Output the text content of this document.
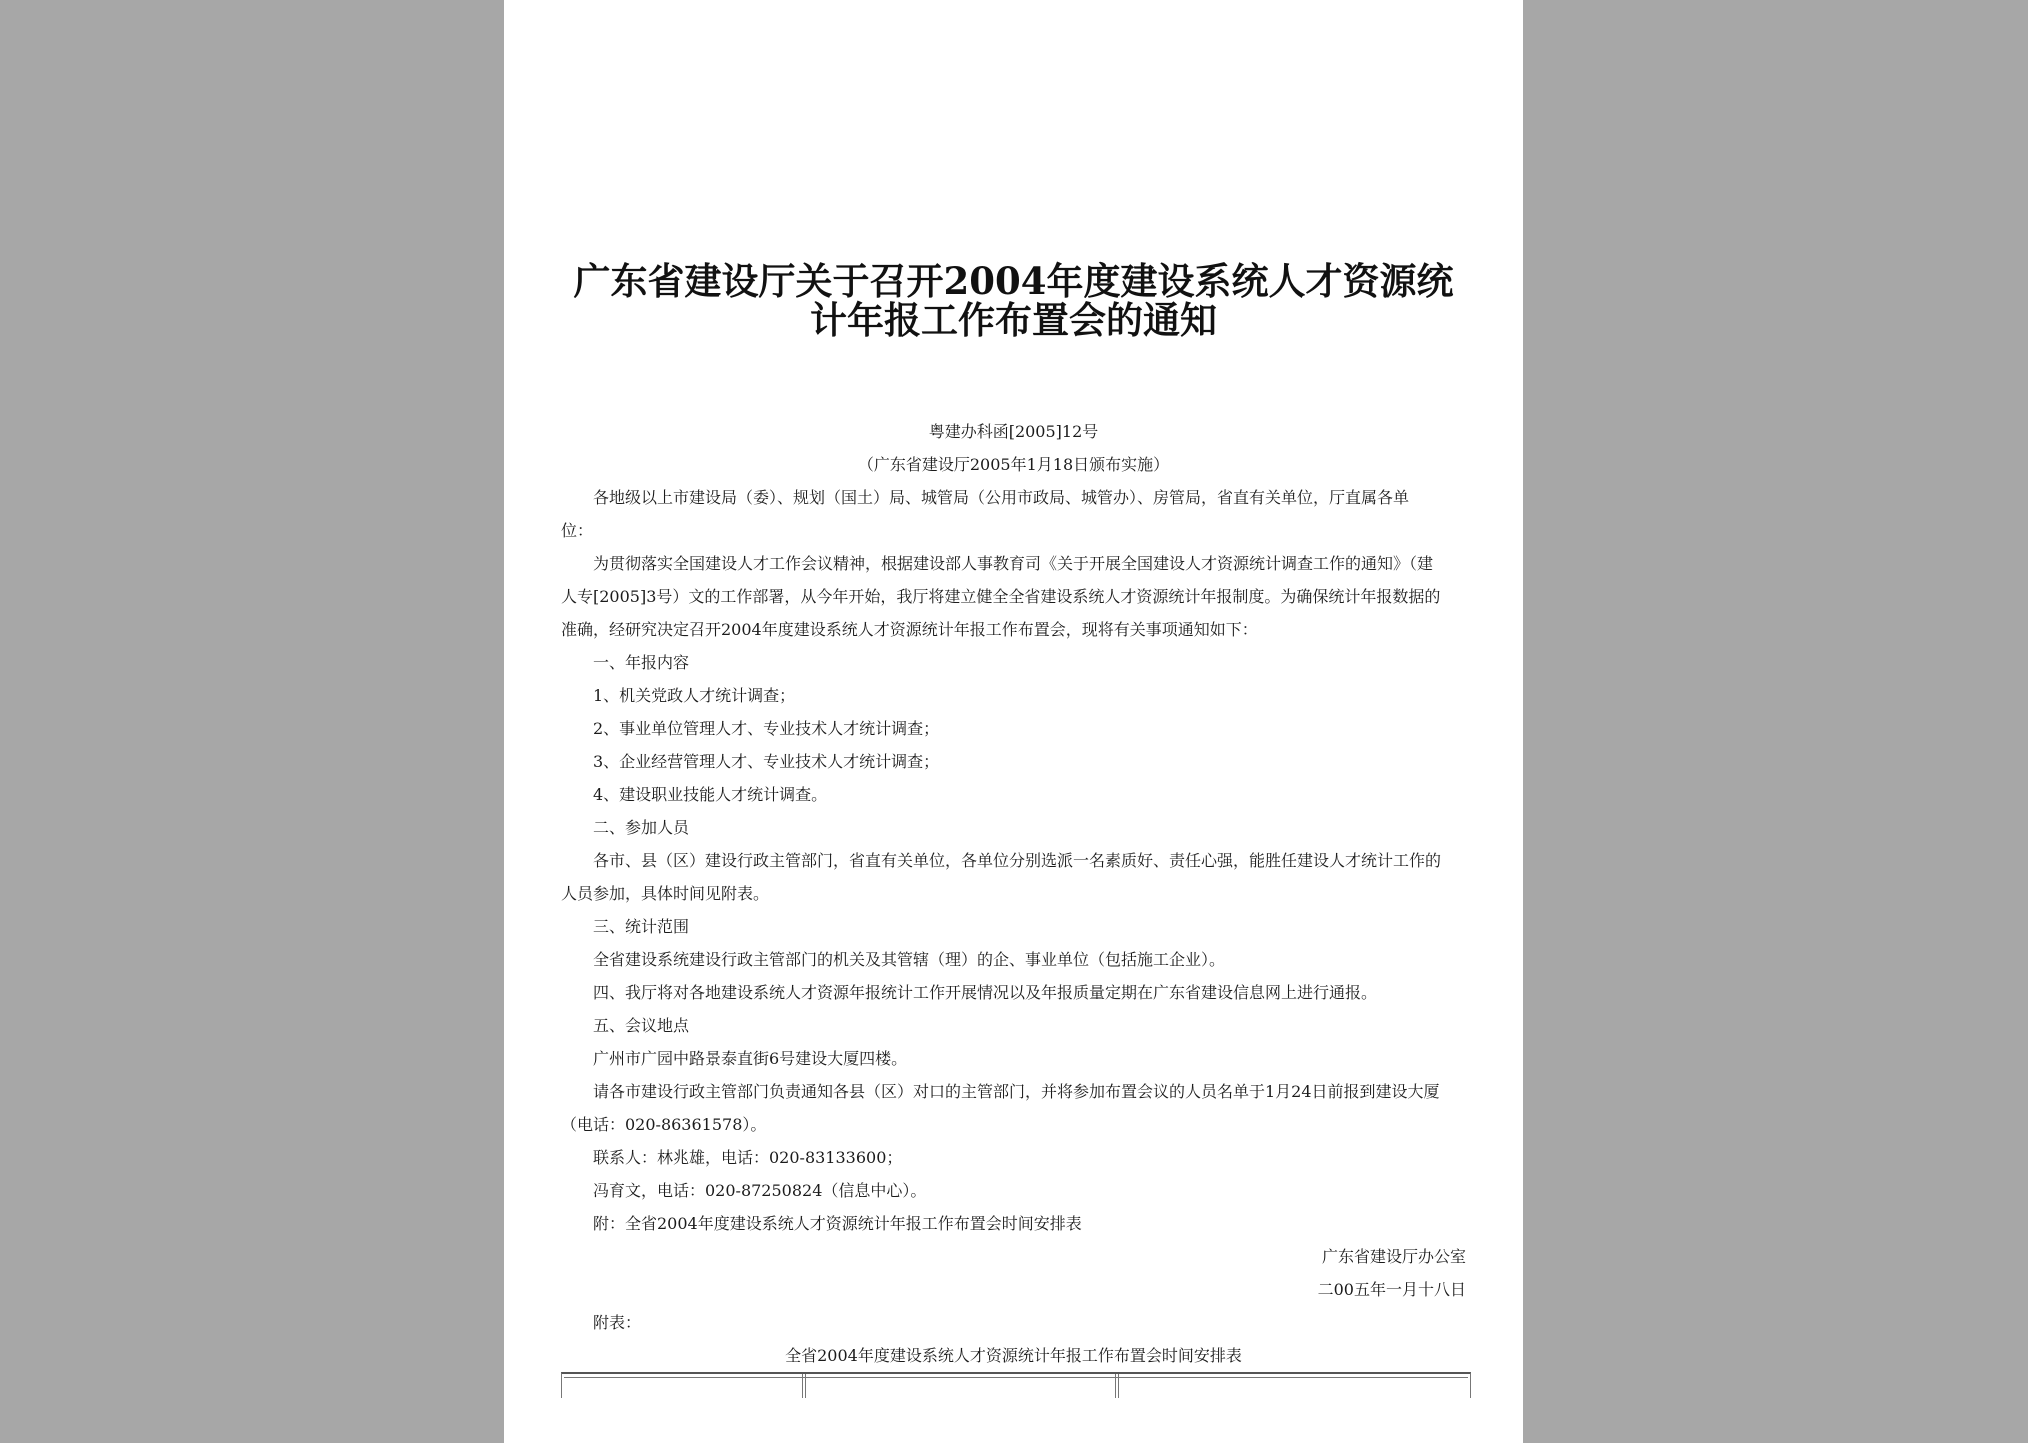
广东省建设厅关于召开2004年度建设系统人才资源统
计年报工作布置会的通知
粤建办科函[2005]12号
（广东省建设厅2005年1月18日颁布实施）
各地级以上市建设局（委）、规划（国土）局、城管局（公用市政局、城管办）、房管局，省直有关单位，厅直属各单
位：
为贯彻落实全国建设人才工作会议精神，根据建设部人事教育司《关于开展全国建设人才资源统计调查工作的通知》（建
人专[2005]3号）文的工作部署，从今年开始，我厅将建立健全全省建设系统人才资源统计年报制度。为确保统计年报数据的
准确，经研究决定召开2004年度建设系统人才资源统计年报工作布置会，现将有关事项通知如下：
一、年报内容
1、机关党政人才统计调查；
2、事业单位管理人才、专业技术人才统计调查；
3、企业经营管理人才、专业技术人才统计调查；
4、建设职业技能人才统计调查。
二、参加人员
各市、县（区）建设行政主管部门，省直有关单位，各单位分别选派一名素质好、责任心强，能胜任建设人才统计工作的
人员参加，具体时间见附表。
三、统计范围
全省建设系统建设行政主管部门的机关及其管辖（理）的企、事业单位（包括施工企业）。
四、我厅将对各地建设系统人才资源年报统计工作开展情况以及年报质量定期在广东省建设信息网上进行通报。
五、会议地点
广州市广园中路景泰直街6号建设大厦四楼。
请各市建设行政主管部门负责通知各县（区）对口的主管部门，并将参加布置会议的人员名单于1月24日前报到建设大厦
（电话：020-86361578）。
联系人：林兆雄，电话：020-83133600；
冯育文，电话：020-87250824（信息中心）。
附：全省2004年度建设系统人才资源统计年报工作布置会时间安排表
广东省建设厅办公室
二00五年一月十八日
附表：
全省2004年度建设系统人才资源统计年报工作布置会时间安排表
